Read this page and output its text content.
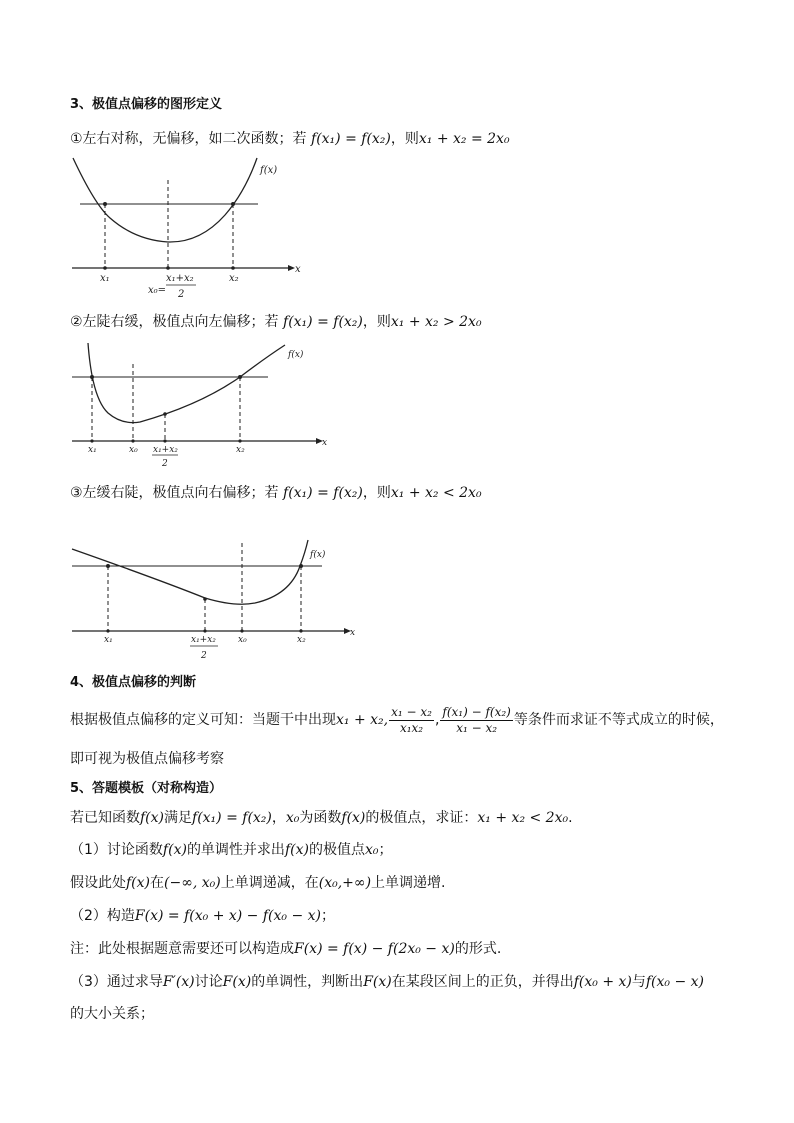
3、极值点偏移的图形定义
①左右对称，无偏移，如二次函数；若 f(x₁) = f(x₂)，则x₁ + x₂ = 2x₀
f(x)
x
x₁	x₂
x₀=
x₁+x₂
2
②左陡右缓，极值点向左偏移；若 f(x₁) = f(x₂)，则x₁ + x₂ > 2x₀
f(x)
x
x₁	x₀ x₁+x₂
2
x₂
③左缓右陡，极值点向右偏移；若 f(x₁) = f(x₂)，则x₁ + x₂ < 2x₀
f(x)
x
x₁	x₁+x₂
2
x₀	x₂
4、极值点偏移的判断
根据极值点偏移的定义可知：当题干中出现x₁ + x₂, $\frac{\text{x₁ − x₂}}{\text{x₁x₂}}$ , $\frac{\text{f(x₁) − f(x₂)}}{\text{x₁ − x₂}}$ 等条件而求证不等式成立的时候，
即可视为极值点偏移考察
5、答题模板（对称构造）
若已知函数f(x)满足f(x₁) = f(x₂)，x₀为函数f(x)的极值点，求证：x₁ + x₂ < 2x₀.
（1）讨论函数f(x)的单调性并求出f(x)的极值点x₀；
假设此处f(x)在(−∞, x₀)上单调递减，在(x₀,+∞)上单调递增.
（2）构造F(x) = f(x₀ + x) − f(x₀ − x)；
注：此处根据题意需要还可以构造成F(x) = f(x) − f(2x₀ − x)的形式.
（3）通过求导F′(x)讨论F(x)的单调性，判断出F(x)在某段区间上的正负，并得出f(x₀ + x)与f(x₀ − x)
的大小关系；
